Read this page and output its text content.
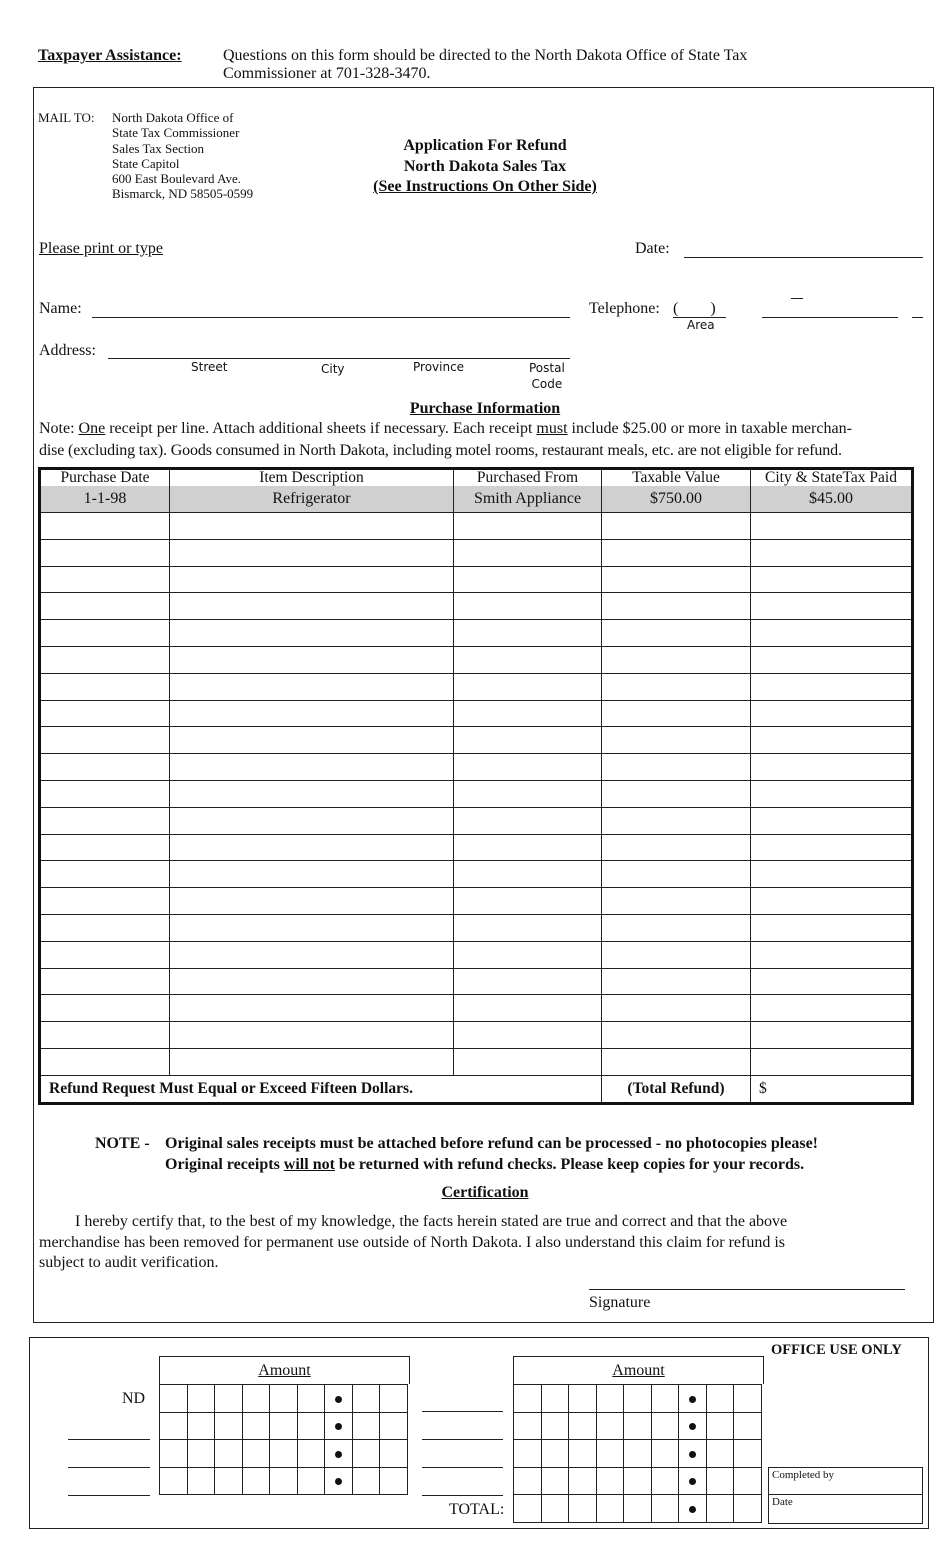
Taxpayer Assistance:	Questions on this form should be directed to the North Dakota Office of State Tax
Commissioner at 701-328-3470.
MAIL TO: North Dakota Office of
State Tax Commissioner
Sales Tax Section
State Capitol
600 East Boulevard Ave.
Bismarck, ND 58505-0599
Application For Refund
North Dakota Sales Tax
(See Instructions On Other Side)
Please print or type	Date:
Name:	Telephone: (        )
Area
Address:
Street	City	Province	Postal
Code
Purchase Information
Note: One receipt per line. Attach additional sheets if necessary. Each receipt must include $25.00 or more in taxable merchan-
dise (excluding tax). Goods consumed in North Dakota, including motel rooms, restaurant meals, etc. are not eligible for refund.
Purchase Date	Item Description	Purchased From	Taxable Value	City & StateTax Paid
1-1-98	Refrigerator	Smith Appliance	$750.00	$45.00

Refund Request Must Equal or Exceed Fifteen Dollars.			(Total Refund)	$
NOTE - Original sales receipts must be attached before refund can be processed - no photocopies please!
Original receipts will not be returned with refund checks. Please keep copies for your records.
Certification
I hereby certify that, to the best of my knowledge, the facts herein stated are true and correct and that the above
merchandise has been removed for permanent use outside of North Dakota. I also understand this claim for refund is
subject to audit verification.
Signature
OFFICE USE ONLY
Amount	Amount

ND
TOTAL:
Completed by
Date
